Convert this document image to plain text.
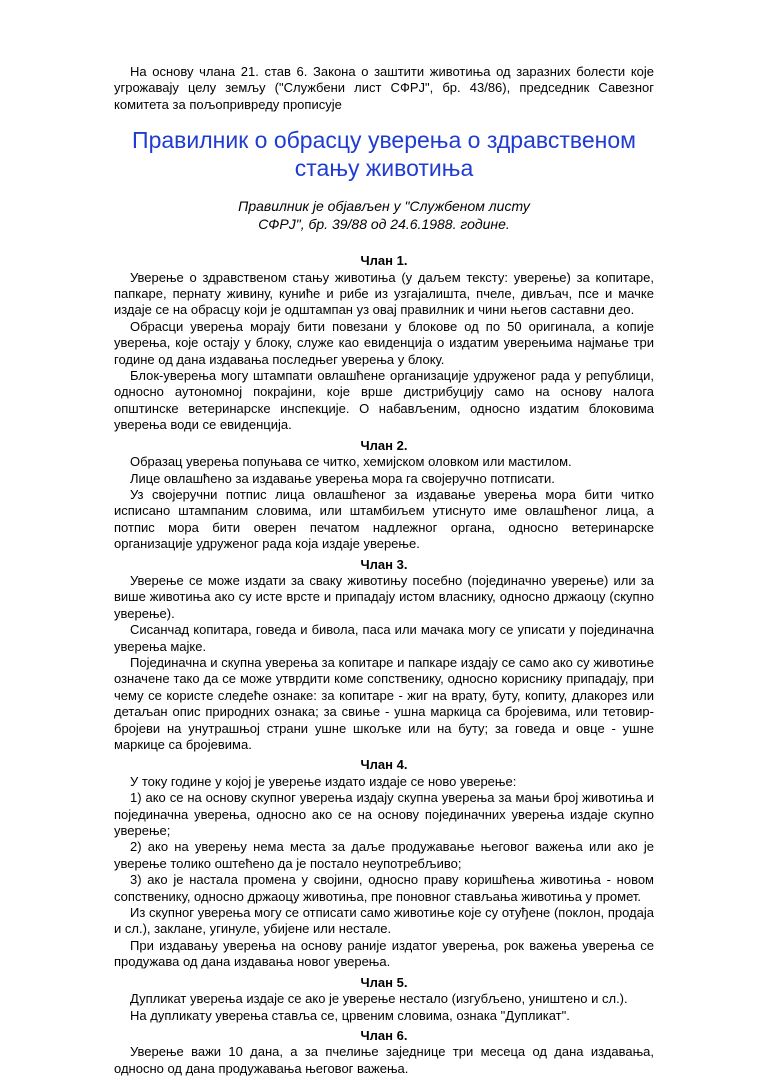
На основу члана 21. став 6. Закона о заштити животиња од заразних болести које угрожавају целу земљу ("Службени лист СФРЈ", бр. 43/86), председник Савезног комитета за пољопривреду прописује

Правилник о обрасцу уверења о здравственом стању животиња
Правилник је објављен у "Службеном листу
СФРЈ", бр. 39/88 од 24.6.1988. године.
Члан 1.

Уверење о здравственом стању животиња (у даљем тексту: уверење) за копитаре, папкаре, пернату живину, куниће и рибе из узгајалишта, пчеле, дивљач, псе и мачке издаје се на обрасцу који је одштампан уз овај правилник и чини његов саставни део.

Обрасци уверења морају бити повезани у блокове од по 50 оригинала, а копије уверења, које остају у блоку, служе као евиденција о издатим уверењима најмање три године од дана издавања последњег уверења у блоку.

Блок-уверења могу штампати овлашћене организације удруженог рада у републици, односно аутономној покрајини, које врше дистрибуцију само на основу налога општинске ветеринарске инспекције. О набављеним, односно издатим блоковима уверења води се евиденција.

Члан 2.

Образац уверења попуњава се читко, хемијском оловком или мастилом.

Лице овлашћено за издавање уверења мора га својеручно потписати.

Уз својеручни потпис лица овлашћеног за издавање уверења мора бити читко исписано штампаним словима, или штамбиљем утиснуто име овлашћеног лица, а потпис мора бити оверен печатом надлежног органа, односно ветеринарске организације удруженог рада која издаје уверење.

Члан 3.

Уверење се може издати за сваку животињу посебно (појединачно уверење) или за више животиња ако су исте врсте и припадају истом власнику, односно држаоцу (скупно уверење).

Сисанчад копитара, говеда и бивола, паса или мачака могу се уписати у појединачна уверења мајке.

Појединачна и скупна уверења за копитаре и папкаре издају се само ако су животиње означене тако да се може утврдити коме сопственику, односно кориснику припадају, при чему се користе следеће ознаке: за копитаре - жиг на врату, буту, копиту, длакорез или детаљан опис природних ознака; за свиње - ушна маркица са бројевима, или тетовир-бројеви на унутрашњој страни ушне шкољке или на буту; за говеда и овце - ушне маркице са бројевима.

Члан 4.

У току године у којој је уверење издато издаје се ново уверење:

1) ако се на основу скупног уверења издају скупна уверења за мањи број животиња и појединачна уверења, односно ако се на основу појединачних уверења издаје скупно уверење;

2) ако на уверењу нема места за даље продужавање његовог важења или ако је уверење толико оштећено да је постало неупотребљиво;

3) ако је настала промена у својини, односно праву коришћења животиња - новом сопственику, односно држаоцу животиња, пре поновног стављања животиња у промет.

Из скупног уверења могу се отписати само животиње које су отуђене (поклон, продаја и сл.), заклане, угинуле, убијене или нестале.

При издавању уверења на основу раније издатог уверења, рок важења уверења се продужава од дана издавања новог уверења.

Члан 5.

Дупликат уверења издаје се ако је уверење нестало (изгубљено, уништено и сл.).

На дупликату уверења ставља се, црвеним словима, ознака "Дупликат".

Члан 6.

Уверење важи 10 дана, а за пчелиње заједнице три месеца од дана издавања, односно од дана продужавања његовог важења.
